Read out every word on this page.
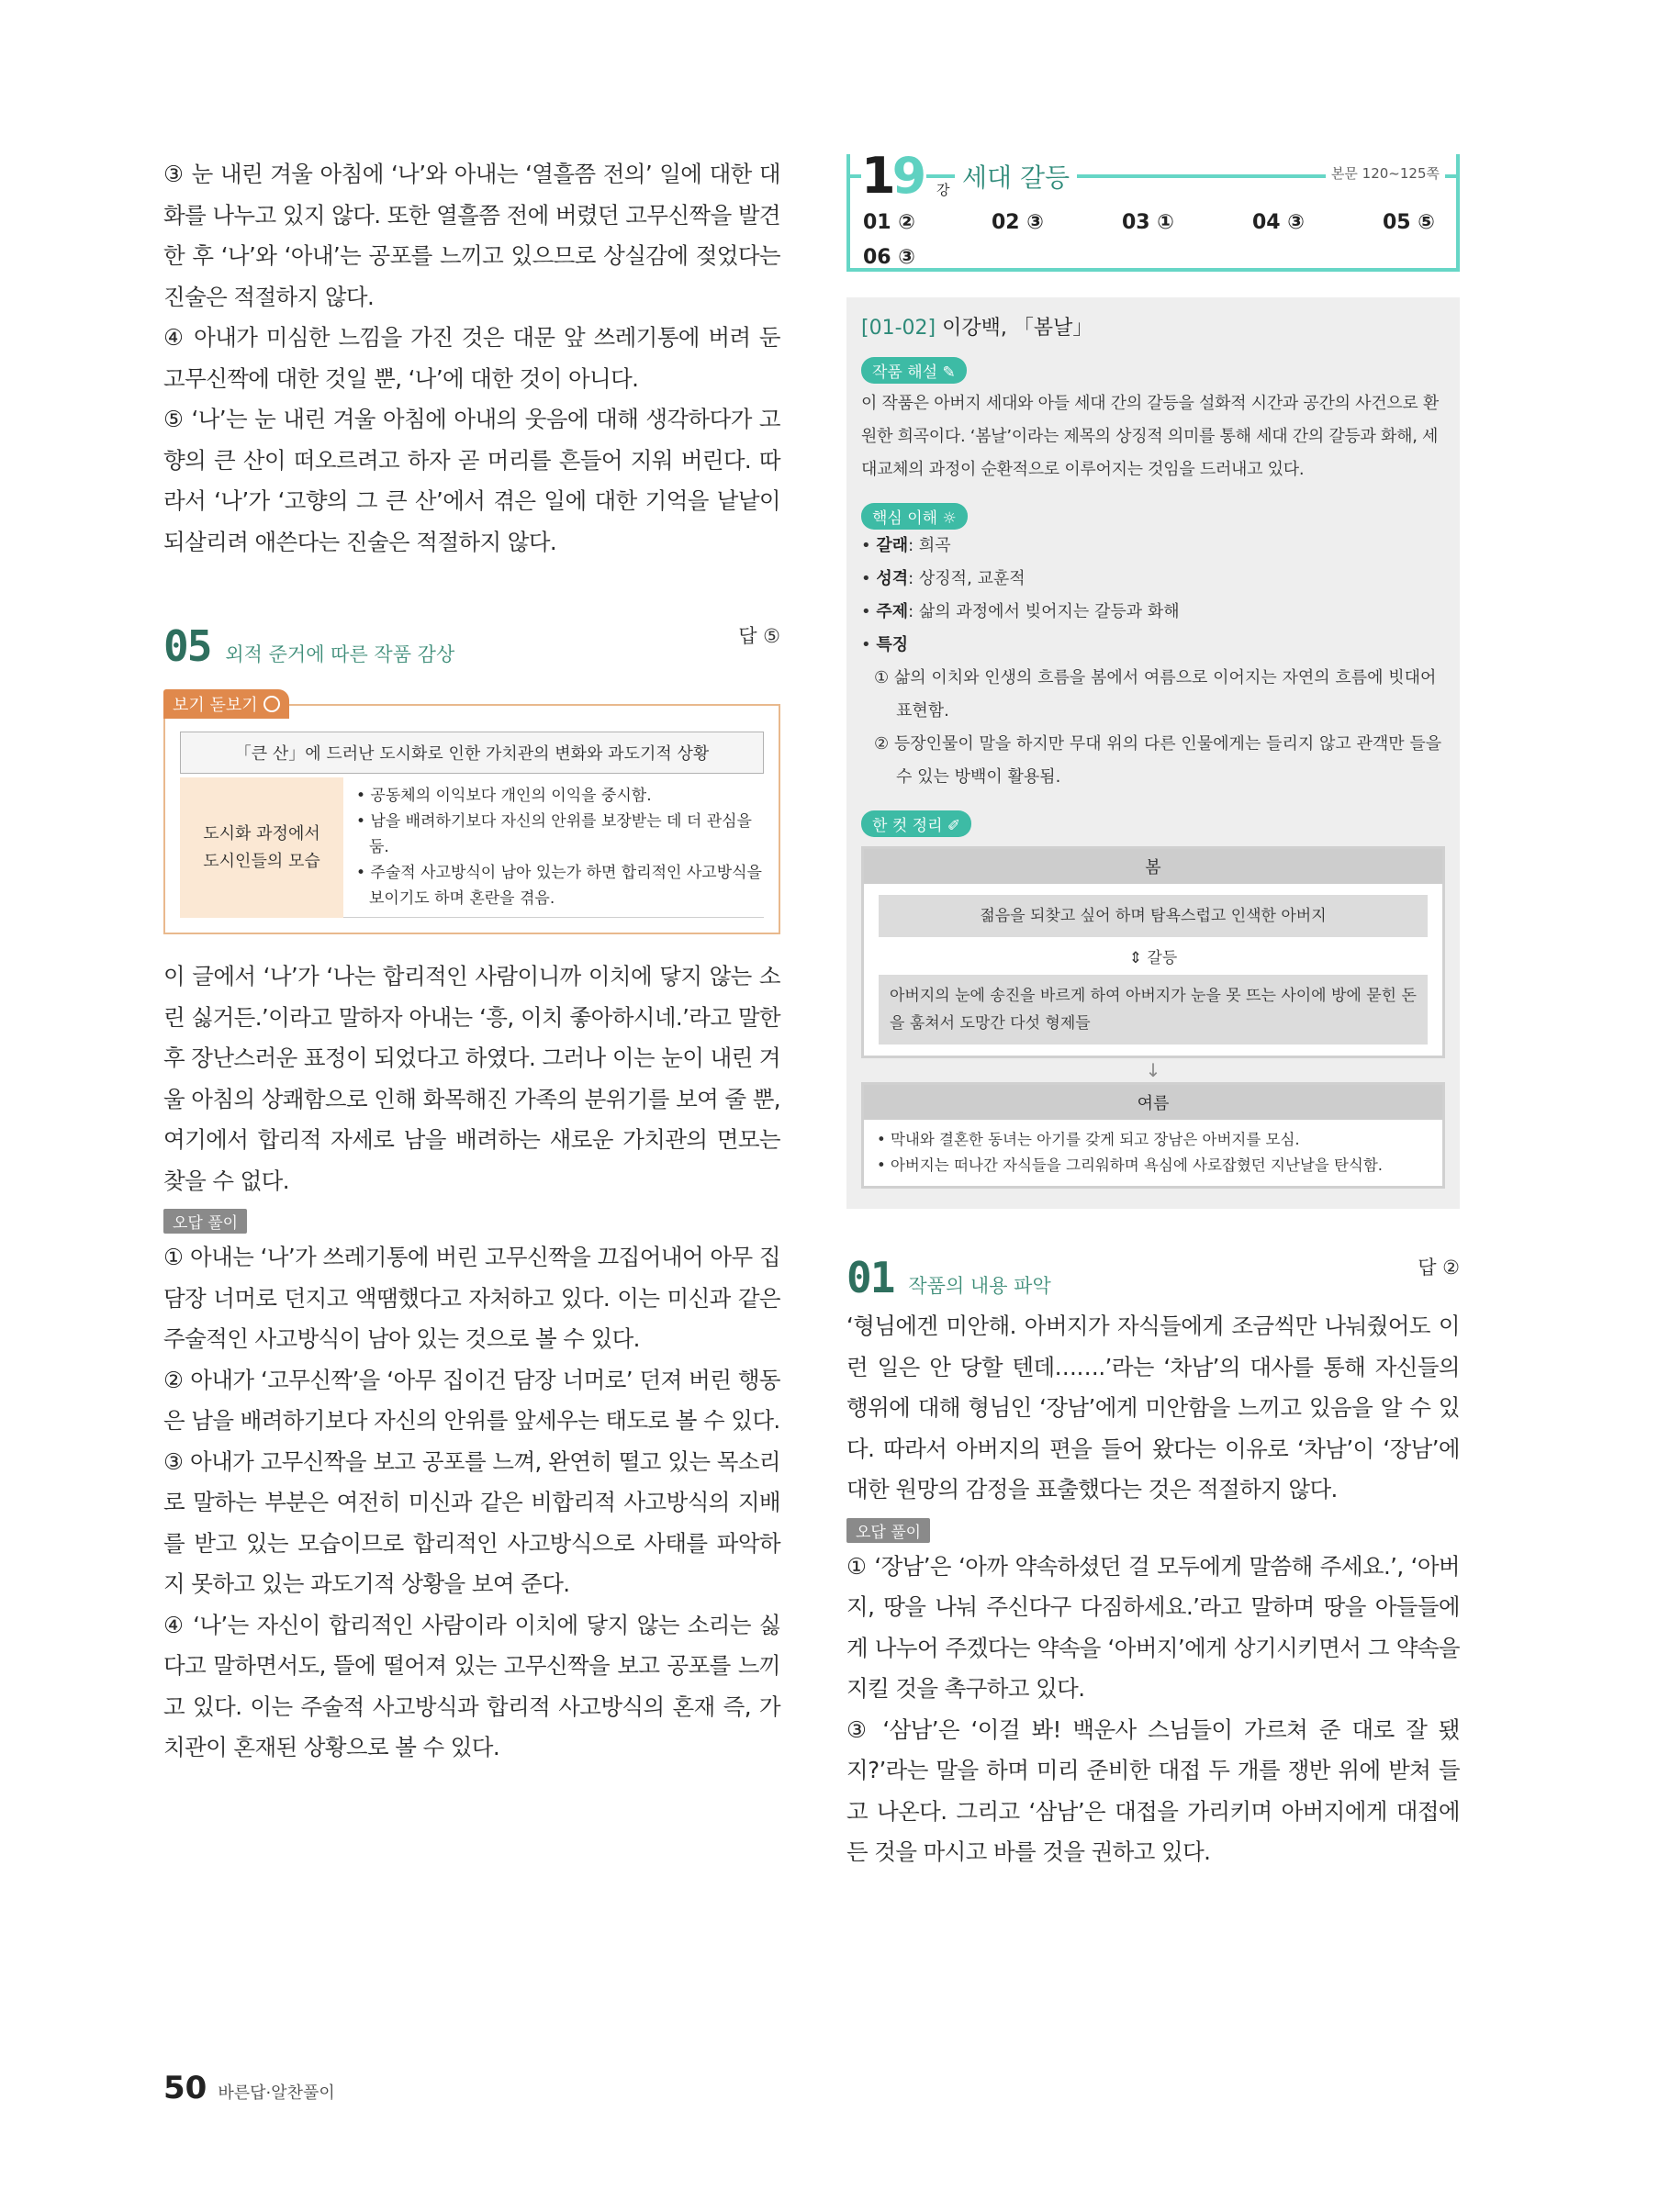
③ 눈 내린 겨울 아침에 ‘나’와 아내는 ‘열흘쯤 전의’ 일에 대한 대화를 나누고 있지 않다. 또한 열흘쯤 전에 버렸던 고무신짝을 발견한 후 ‘나’와 ‘아내’는 공포를 느끼고 있으므로 상실감에 젖었다는 진술은 적절하지 않다.

④ 아내가 미심한 느낌을 가진 것은 대문 앞 쓰레기통에 버려 둔 고무신짝에 대한 것일 뿐, ‘나’에 대한 것이 아니다.

⑤ ‘나’는 눈 내린 겨울 아침에 아내의 웃음에 대해 생각하다가 고향의 큰 산이 떠오르려고 하자 곧 머리를 흔들어 지워 버린다. 따라서 ‘나’가 ‘고향의 그 큰 산’에서 겪은 일에 대한 기억을 낱낱이 되살리려 애쓴다는 진술은 적절하지 않다.

05 외적 준거에 따른 작품 감상
답 ⑤
보기 돋보기
「큰 산」에 드러난 도시화로 인한 가치관의 변화와 과도기적 상황
도시화 과정에서
도시인들의 모습
• 공동체의 이익보다 개인의 이익을 중시함.
• 남을 배려하기보다 자신의 안위를 보장받는 데 더 관심을 둠.
• 주술적 사고방식이 남아 있는가 하면 합리적인 사고방식을 보이기도 하며 혼란을 겪음.

이 글에서 ‘나’가 ‘나는 합리적인 사람이니까 이치에 닿지 않는 소린 싫거든.’이라고 말하자 아내는 ‘흥, 이치 좋아하시네.’라고 말한 후 장난스러운 표정이 되었다고 하였다. 그러나 이는 눈이 내린 겨울 아침의 상쾌함으로 인해 화목해진 가족의 분위기를 보여 줄 뿐, 여기에서 합리적 자세로 남을 배려하는 새로운 가치관의 면모는 찾을 수 없다.

오답 풀이

① 아내는 ‘나’가 쓰레기통에 버린 고무신짝을 끄집어내어 아무 집 담장 너머로 던지고 액땜했다고 자처하고 있다. 이는 미신과 같은 주술적인 사고방식이 남아 있는 것으로 볼 수 있다.

② 아내가 ‘고무신짝’을 ‘아무 집이건 담장 너머로’ 던져 버린 행동은 남을 배려하기보다 자신의 안위를 앞세우는 태도로 볼 수 있다.

③ 아내가 고무신짝을 보고 공포를 느껴, 완연히 떨고 있는 목소리로 말하는 부분은 여전히 미신과 같은 비합리적 사고방식의 지배를 받고 있는 모습이므로 합리적인 사고방식으로 사태를 파악하지 못하고 있는 과도기적 상황을 보여 준다.

④ ‘나’는 자신이 합리적인 사람이라 이치에 닿지 않는 소리는 싫다고 말하면서도, 뜰에 떨어져 있는 고무신짝을 보고 공포를 느끼고 있다. 이는 주술적 사고방식과 합리적 사고방식의 혼재 즉, 가치관이 혼재된 상황으로 볼 수 있다.

19 강 세대 갈등	본문 120~125쪽
01 ②	02 ③	03 ①	04 ③	05 ⑤
06 ③
[01-02] 이강백, 「봄날」
작품 해설 ✎

이 작품은 아버지 세대와 아들 세대 간의 갈등을 설화적 시간과 공간의 사건으로 환원한 희곡이다. ‘봄날’이라는 제목의 상징적 의미를 통해 세대 간의 갈등과 화해, 세대교체의 과정이 순환적으로 이루어지는 것임을 드러내고 있다.

핵심 이해 ☼
• 갈래: 희곡
• 성격: 상징적, 교훈적
• 주제: 삶의 과정에서 빚어지는 갈등과 화해
• 특징
① 삶의 이치와 인생의 흐름을 봄에서 여름으로 이어지는 자연의 흐름에 빗대어 표현함.
② 등장인물이 말을 하지만 무대 위의 다른 인물에게는 들리지 않고 관객만 들을 수 있는 방백이 활용됨.
한 컷 정리 ✐
봄
젊음을 되찾고 싶어 하며 탐욕스럽고 인색한 아버지
⇕ 갈등
아버지의 눈에 송진을 바르게 하여 아버지가 눈을 못 뜨는 사이에 방에 묻힌 돈을 훔쳐서 도망간 다섯 형제들
↓
여름
• 막내와 결혼한 동녀는 아기를 갖게 되고 장남은 아버지를 모심.
• 아버지는 떠나간 자식들을 그리워하며 욕심에 사로잡혔던 지난날을 탄식함.
01 작품의 내용 파악
답 ②

‘형님에겐 미안해. 아버지가 자식들에게 조금씩만 나눠줬어도 이런 일은 안 당할 텐데…….’라는 ‘차남’의 대사를 통해 자신들의 행위에 대해 형님인 ‘장남’에게 미안함을 느끼고 있음을 알 수 있다. 따라서 아버지의 편을 들어 왔다는 이유로 ‘차남’이 ‘장남’에 대한 원망의 감정을 표출했다는 것은 적절하지 않다.

오답 풀이

① ‘장남’은 ‘아까 약속하셨던 걸 모두에게 말씀해 주세요.’, ‘아버지, 땅을 나눠 주신다구 다짐하세요.’라고 말하며 땅을 아들들에게 나누어 주겠다는 약속을 ‘아버지’에게 상기시키면서 그 약속을 지킬 것을 촉구하고 있다.

③ ‘삼남’은 ‘이걸 봐! 백운사 스님들이 가르쳐 준 대로 잘 됐지?’라는 말을 하며 미리 준비한 대접 두 개를 쟁반 위에 받쳐 들고 나온다. 그리고 ‘삼남’은 대접을 가리키며 아버지에게 대접에 든 것을 마시고 바를 것을 권하고 있다.

50 바른답·알찬풀이
